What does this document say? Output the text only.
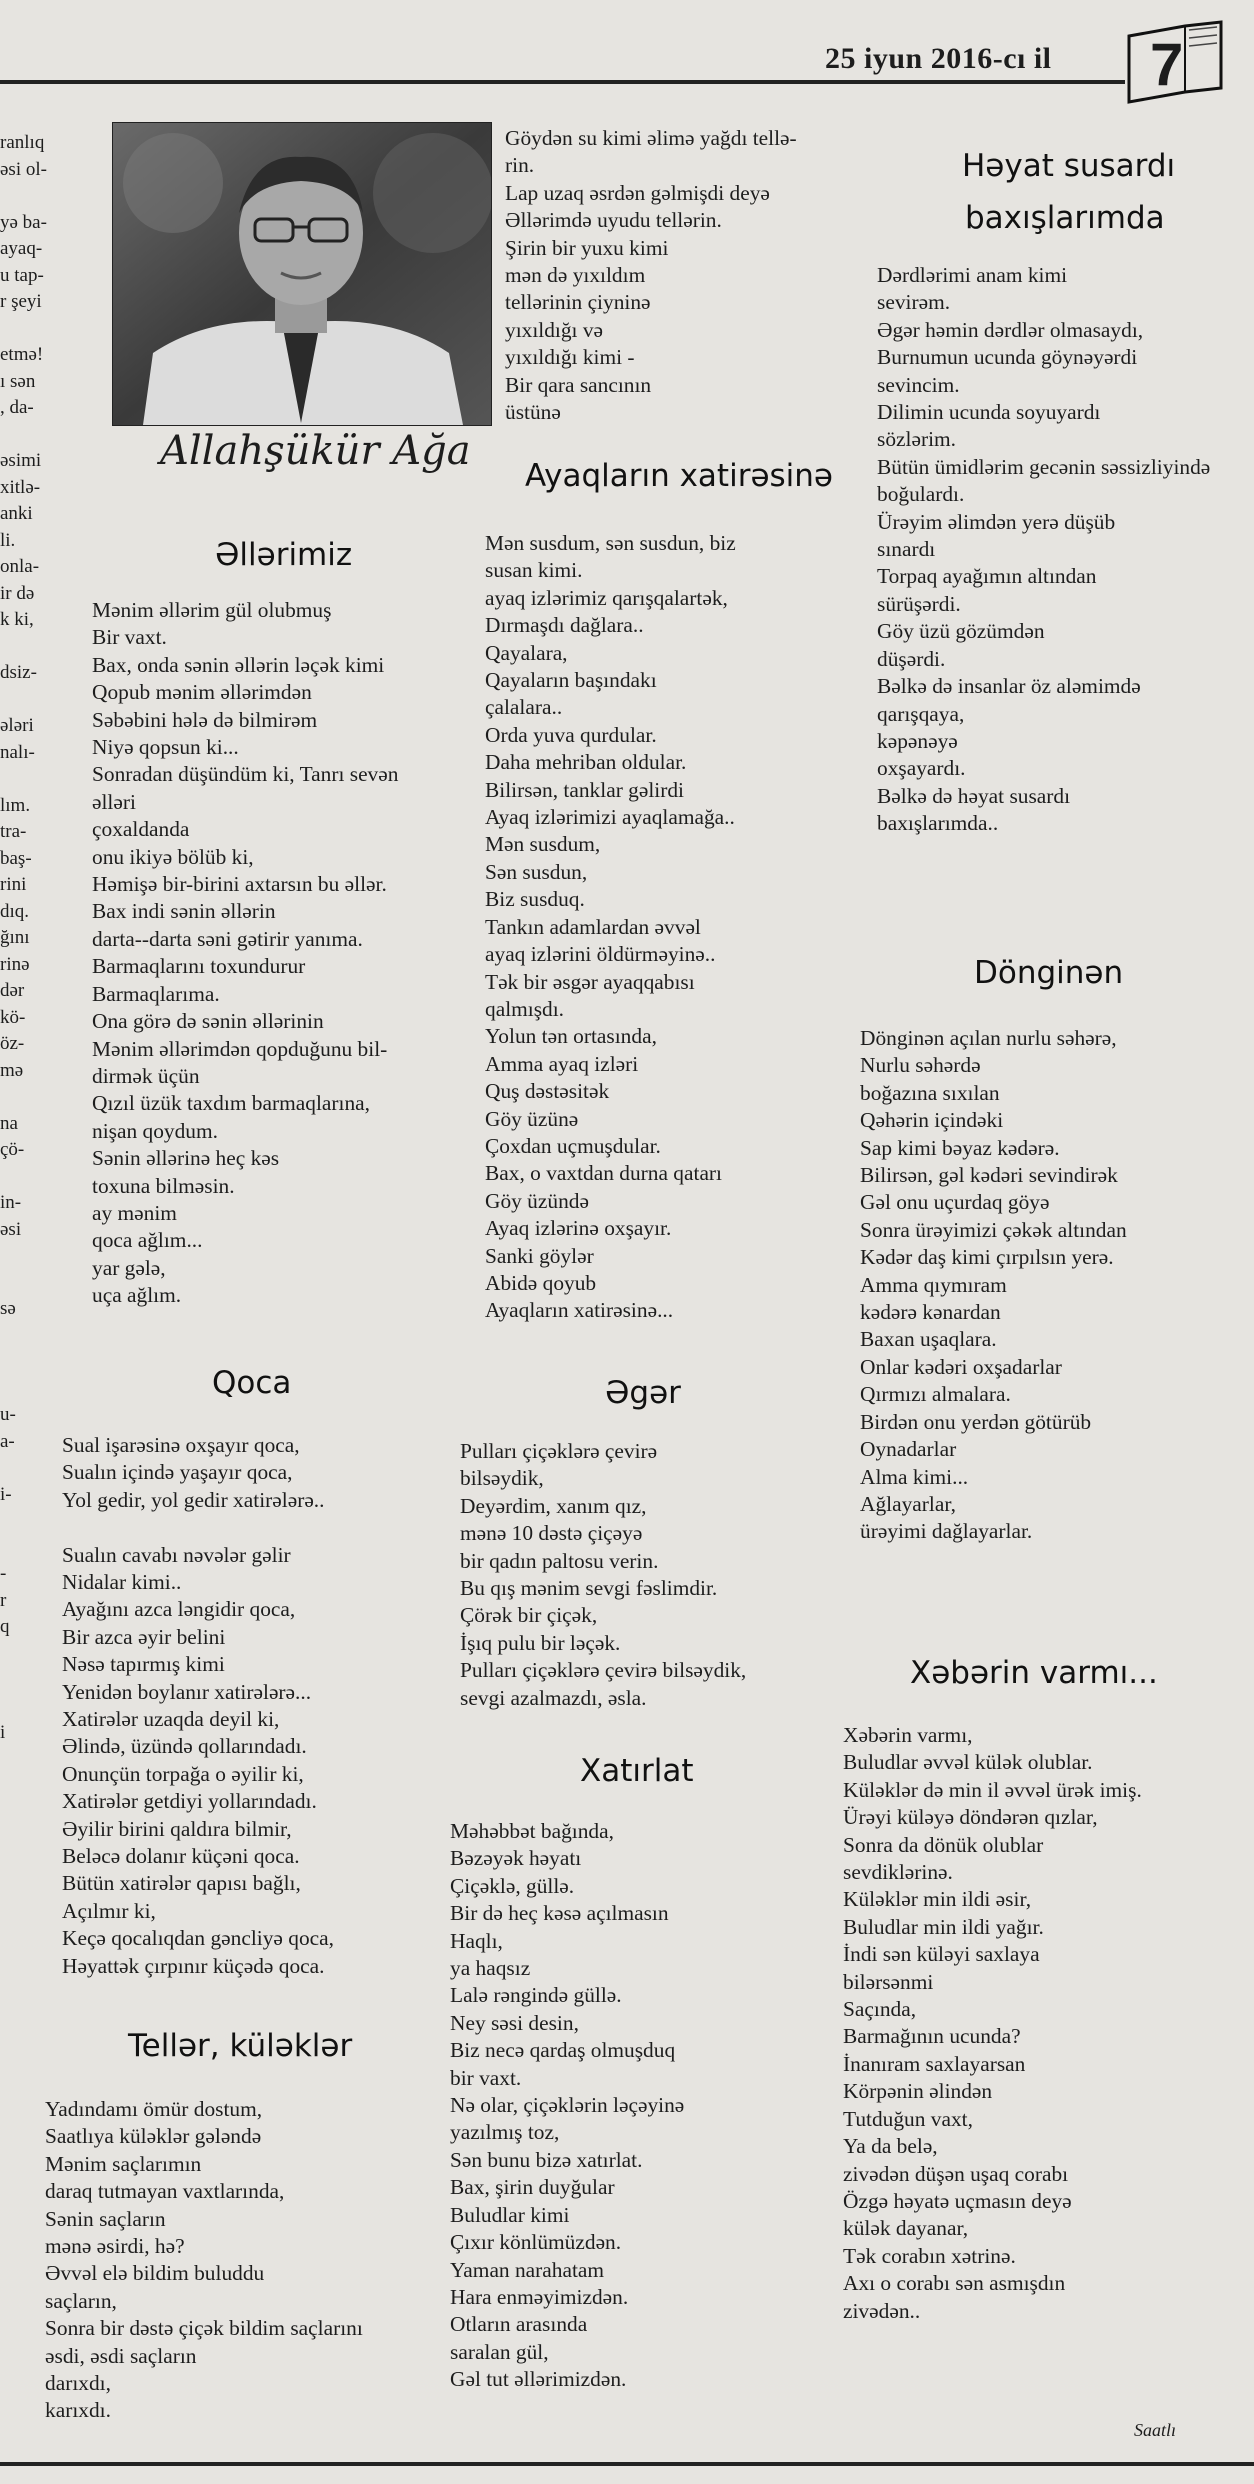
25 iyun 2016-cı il 7
ranlıq
əsi ol-

yə ba-
ayaq-
u tap-
r şeyi

etmə!
ı sən
, da-

əsimi
xitlə-
anki
li.
onla-
ir də
k ki,

dsiz-

ələri
nalı-

lım.
tra-
baş-
rini
dıq.
ğını
rinə
dər
kö-
öz-
mə

na
çö-

in-
əsi

sə

u-
a-

i-

-
r
q

i

Allahşükür Ağa
Əllərimiz
Qoca
Tellər, küləklər
Ayaqların xatirəsinə
Əgər
Xatırlat
Həyat susardı
baxışlarımda
Dönginən
Xəbərin varmı...
Mənim əllərim gül olubmuş
Bir vaxt.
Bax, onda sənin əllərin ləçək kimi
Qopub mənim əllərimdən
Səbəbini hələ də bilmirəm
Niyə qopsun ki...
Sonradan düşündüm ki, Tanrı sevən
əlləri
çoxaldanda
onu ikiyə bölüb ki,
Həmişə bir-birini axtarsın bu əllər.
Bax indi sənin əllərin
darta--darta səni gətirir yanıma.
Barmaqlarını toxundurur
Barmaqlarıma.
Ona görə də sənin əllərinin
Mənim əllərimdən qopduğunu bil-
dirmək üçün
Qızıl üzük taxdım barmaqlarına,
nişan qoydum.
Sənin əllərinə heç kəs
toxuna bilməsin.
ay mənim
qoca ağlım...
yar gələ,
uça ağlım.
Sual işarəsinə oxşayır qoca,
Sualın içində yaşayır qoca,
Yol gedir, yol gedir xatirələrə..
Sualın cavabı nəvələr gəlir
Nidalar kimi..
Ayağını azca ləngidir qoca,
Bir azca əyir belini
Nəsə tapırmış kimi
Yenidən boylanır xatirələrə...
Xatirələr uzaqda deyil ki,
Əlində, üzündə qollarındadı.
Onunçün torpağa o əyilir ki,
Xatirələr getdiyi yollarındadı.
Əyilir birini qaldıra bilmir,
Beləcə dolanır küçəni qoca.
Bütün xatirələr qapısı bağlı,
Açılmır ki,
Keçə qocalıqdan gəncliyə qoca,
Həyattək çırpınır küçədə qoca.
Yadındamı ömür dostum,
Saatlıya küləklər gələndə
Mənim saçlarımın
daraq tutmayan vaxtlarında,
Sənin saçların
mənə əsirdi, hə?
Əvvəl elə bildim buluddu
saçların,
Sonra bir dəstə çiçək bildim saçlarını
əsdi, əsdi saçların
darıxdı,
karıxdı.
Göydən su kimi əlimə yağdı tellə-
rin.
Lap uzaq əsrdən gəlmişdi deyə
Əllərimdə uyudu tellərin.
Şirin bir yuxu kimi
mən də yıxıldım
tellərinin çiyninə
yıxıldığı və
yıxıldığı kimi -
Bir qara sancının
üstünə
Mən susdum, sən susdun, biz
susan kimi.
ayaq izlərimiz qarışqalartək,
Dırmaşdı dağlara..
Qayalara,
Qayaların başındakı
çalalara..
Orda yuva qurdular.
Daha mehriban oldular.
Bilirsən, tanklar gəlirdi
Ayaq izlərimizi ayaqlamağa..
Mən susdum,
Sən susdun,
Biz susduq.
Tankın adamlardan əvvəl
ayaq izlərini öldürməyinə..
Tək bir əsgər ayaqqabısı
qalmışdı.
Yolun tən ortasında,
Amma ayaq izləri
Quş dəstəsitək
Göy üzünə
Çoxdan uçmuşdular.
Bax, o vaxtdan durna qatarı
Göy üzündə
Ayaq izlərinə oxşayır.
Sanki göylər
Abidə qoyub
Ayaqların xatirəsinə...
Pulları çiçəklərə çevirə
bilsəydik,
Deyərdim, xanım qız,
mənə 10 dəstə çiçəyə
bir qadın paltosu verin.
Bu qış mənim sevgi fəslimdir.
Çörək bir çiçək,
İşıq pulu bir ləçək.
Pulları çiçəklərə çevirə bilsəydik,
sevgi azalmazdı, əsla.
Məhəbbət bağında,
Bəzəyək həyatı
Çiçəklə, güllə.
Bir də heç kəsə açılmasın
Haqlı,
ya haqsız
Lalə rəngində güllə.
Ney səsi desin,
Biz necə qardaş olmuşduq
bir vaxt.
Nə olar, çiçəklərin ləçəyinə
yazılmış toz,
Sən bunu bizə xatırlat.
Bax, şirin duyğular
Buludlar kimi
Çıxır könlümüzdən.
Yaman narahatam
Hara enməyimizdən.
Otların arasında
saralan gül,
Gəl tut əllərimizdən.
Dərdlərimi anam kimi
sevirəm.
Əgər həmin dərdlər olmasaydı,
Burnumun ucunda göynəyərdi
sevincim.
Dilimin ucunda soyuyardı
sözlərim.
Bütün ümidlərim gecənin səssizliyində
boğulardı.
Ürəyim əlimdən yerə düşüb
sınardı
Torpaq ayağımın altından
sürüşərdi.
Göy üzü gözümdən
düşərdi.
Bəlkə də insanlar öz aləmimdə
qarışqaya,
kəpənəyə
oxşayardı.
Bəlkə də həyat susardı
baxışlarımda..
Dönginən açılan nurlu səhərə,
Nurlu səhərdə
boğazına sıxılan
Qəhərin içindəki
Sap kimi bəyaz kədərə.
Bilirsən, gəl kədəri sevindirək
Gəl onu uçurdaq göyə
Sonra ürəyimizi çəkək altından
Kədər daş kimi çırpılsın yerə.
Amma qıymıram
kədərə kənardan
Baxan uşaqlara.
Onlar kədəri oxşadarlar
Qırmızı almalara.
Birdən onu yerdən götürüb
Oynadarlar
Alma kimi...
Ağlayarlar,
ürəyimi dağlayarlar.
Xəbərin varmı,
Buludlar əvvəl külək olublar.
Küləklər də min il əvvəl ürək imiş.
Ürəyi küləyə döndərən qızlar,
Sonra da dönük olublar
sevdiklərinə.
Küləklər min ildi əsir,
Buludlar min ildi yağır.
İndi sən küləyi saxlaya
bilərsənmi
Saçında,
Barmağının ucunda?
İnanıram saxlayarsan
Körpənin əlindən
Tutduğun vaxt,
Ya da belə,
zivədən düşən uşaq corabı
Özgə həyatə uçmasın deyə
külək dayanar,
Tək corabın xətrinə.
Axı o corabı sən asmışdın
zivədən..
Saatlı
